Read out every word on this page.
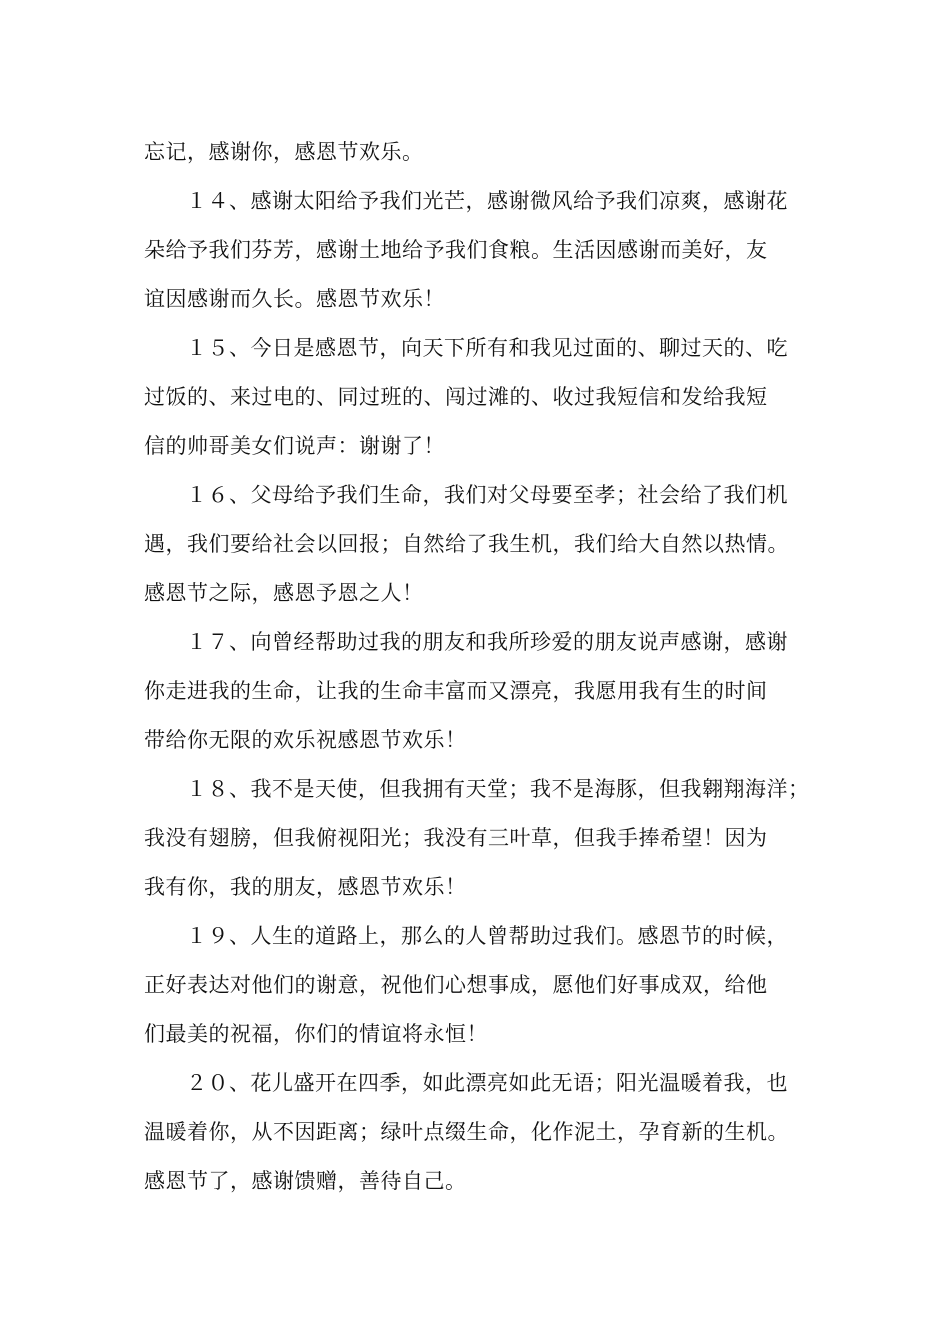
忘记，感谢你，感恩节欢乐。

１４、感谢太阳给予我们光芒，感谢微风给予我们凉爽，感谢花
朵给予我们芬芳，感谢土地给予我们食粮。生活因感谢而美好，友
谊因感谢而久长。感恩节欢乐！

１５、今日是感恩节，向天下所有和我见过面的、聊过天的、吃
过饭的、来过电的、同过班的、闯过滩的、收过我短信和发给我短
信的帅哥美女们说声：谢谢了！

１６、父母给予我们生命，我们对父母要至孝；社会给了我们机
遇，我们要给社会以回报；自然给了我生机，我们给大自然以热情。
感恩节之际，感恩予恩之人！

１７、向曾经帮助过我的朋友和我所珍爱的朋友说声感谢，感谢
你走进我的生命，让我的生命丰富而又漂亮，我愿用我有生的时间
带给你无限的欢乐祝感恩节欢乐！

１８、我不是天使，但我拥有天堂；我不是海豚，但我翱翔海洋；
我没有翅膀，但我俯视阳光；我没有三叶草，但我手捧希望！因为
我有你，我的朋友，感恩节欢乐！

１９、人生的道路上，那么的人曾帮助过我们。感恩节的时候，
正好表达对他们的谢意，祝他们心想事成，愿他们好事成双，给他
们最美的祝福，你们的情谊将永恒！

２０、花儿盛开在四季，如此漂亮如此无语；阳光温暖着我，也
温暖着你，从不因距离；绿叶点缀生命，化作泥土，孕育新的生机。
感恩节了，感谢馈赠，善待自己。
